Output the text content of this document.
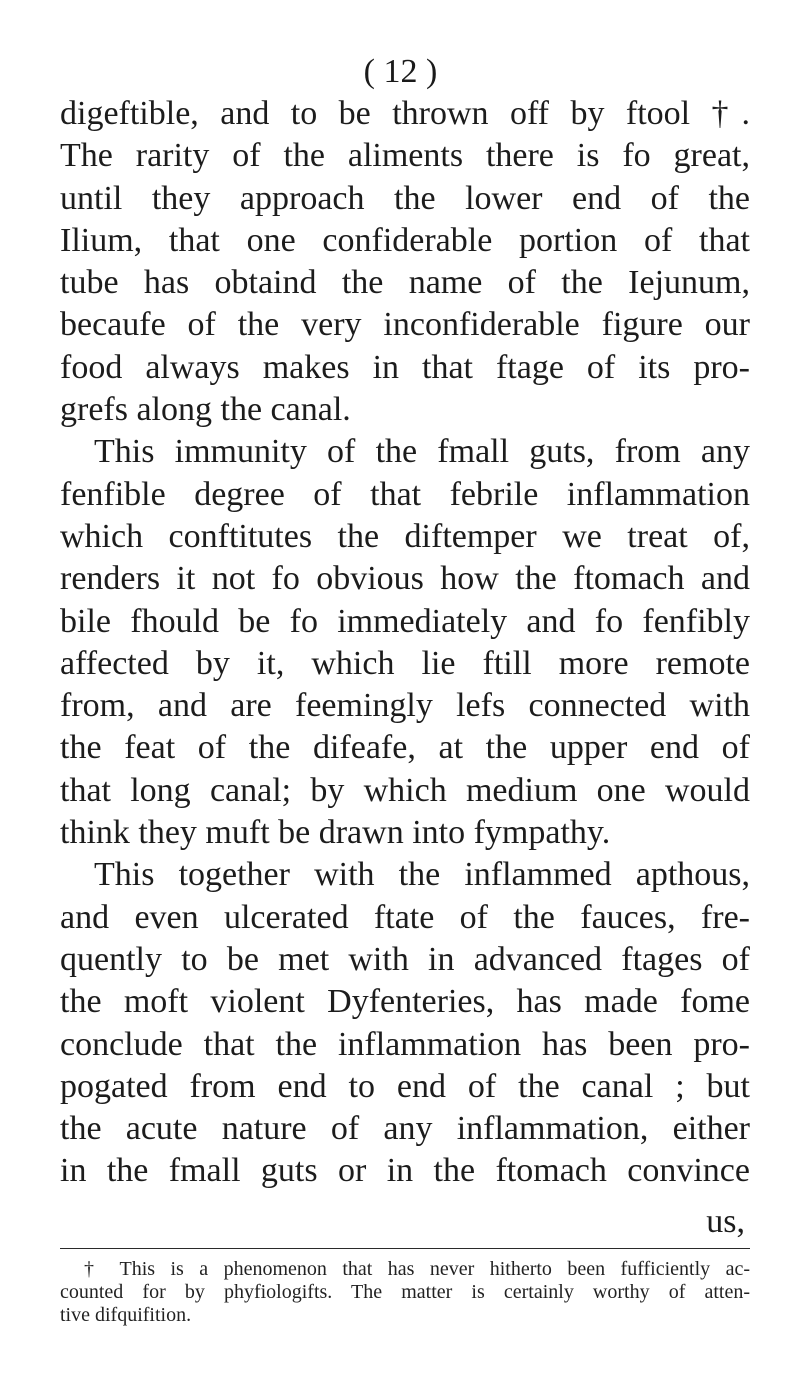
( 12 )
digeftible, and to be thrown off by ftool †.
The rarity of the aliments there is fo great,
until they approach the lower end of the
Ilium, that one confiderable portion of that
tube has obtaind the name of the Iejunum,
becaufe of the very inconfiderable figure our
food always makes in that ftage of its pro-
grefs along the canal.
This immunity of the fmall guts, from any
fenfible degree of that febrile inflammation
which conftitutes the diftemper we treat of,
renders it not fo obvious how the ftomach and
bile fhould be fo immediately and fo fenfibly
affected by it, which lie ftill more remote
from, and are feemingly lefs connected with
the feat of the difeafe, at the upper end of
that long canal; by which medium one would
think they muft be drawn into fympathy.
This together with the inflammed apthous,
and even ulcerated ftate of the fauces, fre-
quently to be met with in advanced ftages of
the moft violent Dyfenteries, has made fome
conclude that the inflammation has been pro-
pogated from end to end of the canal ; but
the acute nature of any inflammation, either
in the fmall guts or in the ftomach convince
us,
† This is a phenomenon that has never hitherto been fufficiently ac-
counted for by phyfiologifts. The matter is certainly worthy of atten-
tive difquifition.
